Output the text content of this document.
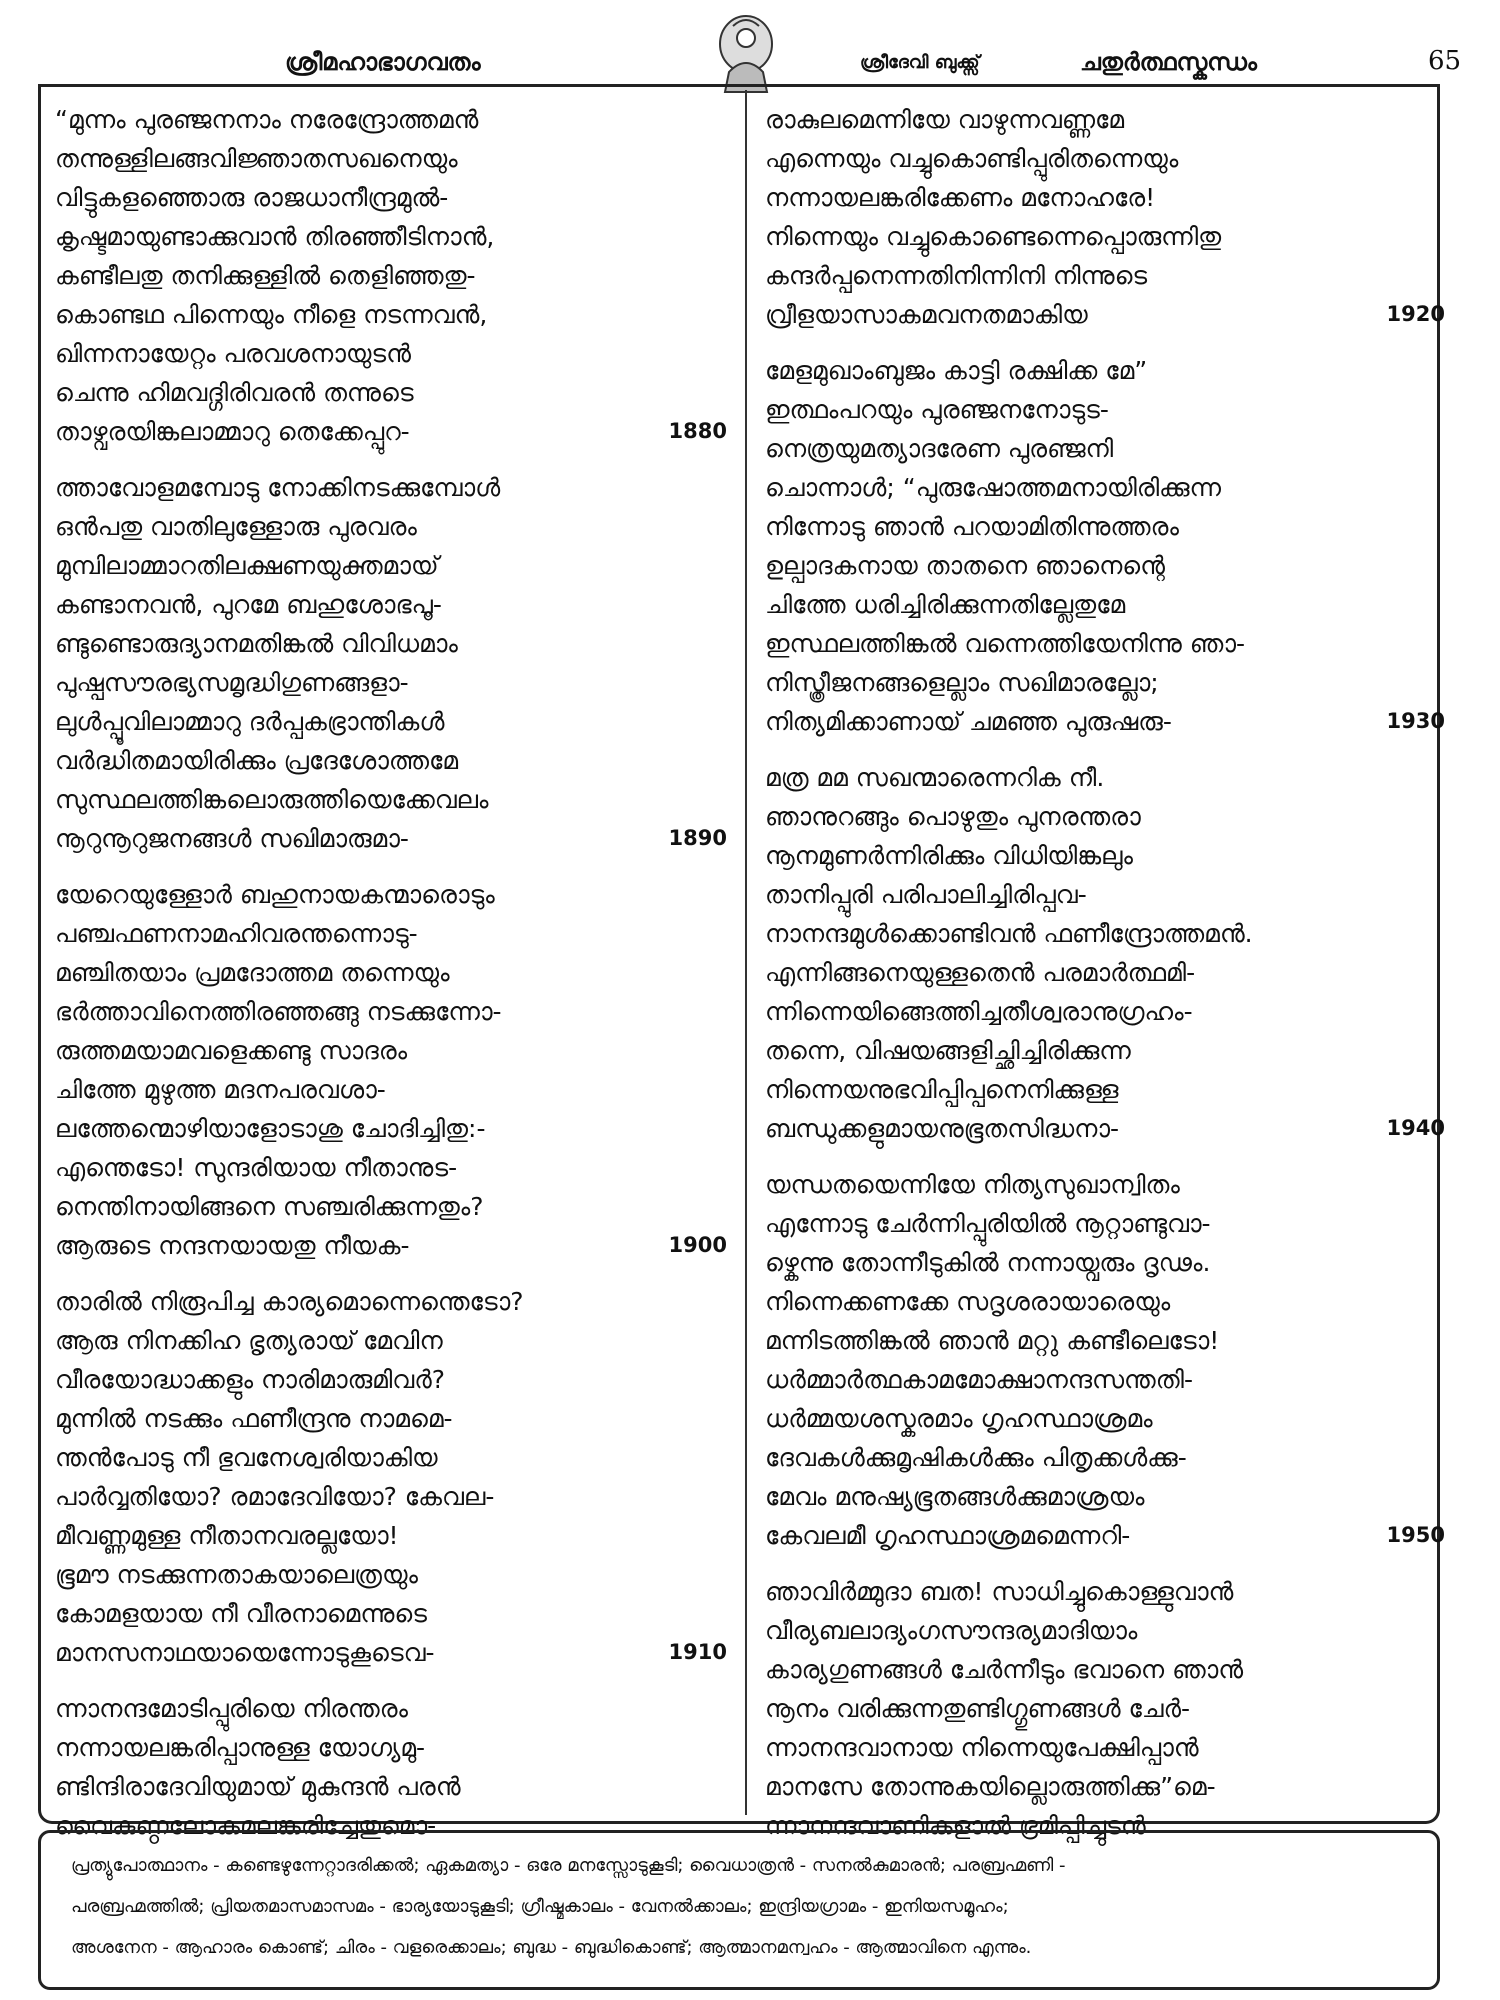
ശ്രീമഹാഭാഗവതം	ശ്രീദേവി ബുക്ക്സ്	ചതുർത്ഥസ്കന്ധം	65
“മുന്നം പുരഞ്ജനനാം നരേന്ദ്രോത്തമൻ
തന്നുള്ളിലങ്ങവിജ്ഞാതസഖനെയും
വിട്ടുകളഞ്ഞൊരു രാജധാനീന്ദ്രമുൽ-
കൃഷ്ടമായുണ്ടാക്കുവാൻ തിരഞ്ഞീടിനാൻ,
കണ്ടീലതു തനിക്കുള്ളിൽ തെളിഞ്ഞതു-
കൊണ്ടഥ പിന്നെയും നീളെ നടന്നവൻ,
ഖിന്നനായേറ്റം പരവശനായുടൻ
ചെന്നു ഹിമവദ്ഗിരിവരൻ തന്നുടെ
താഴ്വരയിങ്കലാമ്മാറു തെക്കേപ്പുറ-	1880
ത്താവോളമമ്പോടു നോക്കിനടക്കുമ്പോൾ
ഒൻപതു വാതിലുള്ളോരു പുരവരം
മുമ്പിലാമ്മാറതിലക്ഷണയുക്തമായ്
കണ്ടാനവൻ, പുറമേ ബഹുശോഭപൂ-
ണ്ടുണ്ടൊരുദ്യാനമതിങ്കൽ വിവിധമാം
പുഷ്പസൗരഭ്യസമൃദ്ധിഗുണങ്ങളാ-
ലുൾപ്പൂവിലാമ്മാറു ദർപ്പകഭ്രാന്തികൾ
വർദ്ധിതമായിരിക്കും പ്രദേശോത്തമേ
സുസ്ഥലത്തിങ്കലൊരുത്തിയെക്കേവലം
നൂറുനൂറുജനങ്ങൾ സഖിമാരുമാ-	1890
യേറെയുള്ളോർ ബഹുനായകന്മാരൊടും
പഞ്ചഫണനാമഹിവരന്തന്നൊടു-
മഞ്ചിതയാം പ്രമദോത്തമ തന്നെയും
ഭർത്താവിനെത്തിരഞ്ഞങ്ങു നടക്കുന്നോ-
രുത്തമയാമവളെക്കണ്ടു സാദരം
ചിത്തേ മുഴുത്ത മദനപരവശാ-
ലത്തേന്മൊഴിയാളോടാശു ചോദിച്ചിതു:-
എന്തെടോ! സുന്ദരിയായ നീതാനുട-
നെന്തിനായിങ്ങനെ സഞ്ചരിക്കുന്നതും?
ആരുടെ നന്ദനയായതു നീയക-	1900
താരിൽ നിരൂപിച്ച കാര്യമൊന്നെന്തെടോ?
ആരു നിനക്കിഹ ഭൃത്യരായ് മേവിന
വീരയോദ്ധാക്കളും നാരിമാരുമിവർ?
മുന്നിൽ നടക്കും ഫണീന്ദ്രനു നാമമെ-
ന്തൻപോടു നീ ഭുവനേശ്വരിയാകിയ
പാർവ്വതിയോ? രമാദേവിയോ? കേവല-
മീവണ്ണമുള്ള നീതാനവരല്ലയോ!
ഭൂമൗ നടക്കുന്നതാകയാലെത്രയും
കോമളയായ നീ വീരനാമെന്നുടെ
മാനസനാഥയായെന്നോടുകൂടെവ-	1910
ന്നാനന്ദമോടിപ്പുരിയെ നിരന്തരം
നന്നായലങ്കരിപ്പാനുള്ള യോഗ്യമു-
ണ്ടിന്ദിരാദേവിയുമായ് മുകുന്ദൻ പരൻ
വൈകുണ്ഠലോകമലങ്കരിച്ചേതുമൊ-
രാകുലമെന്നിയേ വാഴുന്നവണ്ണമേ
എന്നെയും വച്ചുകൊണ്ടിപ്പുരിതന്നെയും
നന്നായലങ്കരിക്കേണം മനോഹരേ!
നിന്നെയും വച്ചുകൊണ്ടെന്നെപ്പൊരുന്നിതു
കന്ദർപ്പനെന്നതിനിന്നിനി നിന്നുടെ
വ്രീളയാസാകമവനതമാകിയ	1920
മേളമുഖാംബുജം കാട്ടി രക്ഷിക്ക മേ”
ഇത്ഥംപറയും പുരഞ്ജനനോടുട-
നെത്രയുമത്യാദരേണ പുരഞ്ജനി
ചൊന്നാൾ; “പുരുഷോത്തമനായിരിക്കുന്ന
നിന്നോടു ഞാൻ പറയാമിതിന്നുത്തരം
ഉല്പാദകനായ താതനെ ഞാനെന്റെ
ചിത്തേ ധരിച്ചിരിക്കുന്നതില്ലേതുമേ
ഇസ്ഥലത്തിങ്കൽ വന്നെത്തിയേനിന്നു ഞാ-
നിസ്ത്രീജനങ്ങളെല്ലാം സഖിമാരല്ലോ;
നിത്യമിക്കാണായ് ചമഞ്ഞ പുരുഷരു-	1930
മത്ര മമ സഖന്മാരെന്നറിക നീ.
ഞാനുറങ്ങും പൊഴുതും പുനരന്തരാ
നൂനമുണർന്നിരിക്കും വിധിയിങ്കലും
താനിപ്പുരി പരിപാലിച്ചിരിപ്പവ-
നാനന്ദമുൾക്കൊണ്ടിവൻ ഫണീന്ദ്രോത്തമൻ.
എന്നിങ്ങനെയുള്ളതെൻ പരമാർത്ഥമി-
ന്നിന്നെയിങ്ങെത്തിച്ചതീശ്വരാനുഗ്രഹം-
തന്നെ, വിഷയങ്ങളിച്ഛിച്ചിരിക്കുന്ന
നിന്നെയനുഭവിപ്പിപ്പനെനിക്കുള്ള
ബന്ധുക്കളുമായനുഭൂതസിദ്ധനാ-	1940
യന്ധതയെന്നിയേ നിത്യസുഖാന്വിതം
എന്നോടു ചേർന്നിപ്പുരിയിൽ നൂറ്റാണ്ടുവാ-
ഴ്കെന്നു തോന്നീടുകിൽ നന്നായ്വരും ദൃഢം.
നിന്നെക്കണക്കേ സദൃശരായാരെയും
മന്നിടത്തിങ്കൽ ഞാൻ മറ്റു കണ്ടീലെടോ!
ധർമ്മാർത്ഥകാമമോക്ഷാനന്ദസന്തതി-
ധർമ്മയശസ്കരമാം ഗൃഹസ്ഥാശ്രമം
ദേവകൾക്കുമൃഷികൾക്കും പിതൃക്കൾക്കു-
മേവം മനുഷ്യഭൂതങ്ങൾക്കുമാശ്രയം
കേവലമീ ഗൃഹസ്ഥാശ്രമമെന്നറി-	1950
ഞാവിർമ്മുദാ ബത! സാധിച്ചുകൊള്ളുവാൻ
വീര്യബലാദ്യംഗസൗന്ദര്യമാദിയാം
കാര്യഗുണങ്ങൾ ചേർന്നീടും ഭവാനെ ഞാൻ
നൂനം വരിക്കുന്നതുണ്ടിഗ്ഗുണങ്ങൾ ചേർ-
ന്നാനന്ദവാനായ നിന്നെയുപേക്ഷിപ്പാൻ
മാനസേ തോന്നുകയില്ലൊരുത്തിക്കു”മെ-
ന്നാനന്ദവാണികളാൽ ഭ്രമിപ്പിച്ചുടൻ
പ്രത്യുപോത്ഥാനം - കണ്ടെഴുന്നേറ്റാദരിക്കൽ; ഏകമത്യാ - ഒരേ മനസ്സോടുകൂടി; വൈധാത്രൻ - സനൽകുമാരൻ; പരബ്രഹ്മണി -
പരബ്രഹ്മത്തിൽ; പ്രിയതമാസമാസമം - ഭാര്യയോടുകൂടി; ഗ്രീഷ്മകാലം - വേനൽക്കാലം; ഇന്ദ്രിയഗ്രാമം - ഇനിയസമൂഹം;
അശനേന - ആഹാരം കൊണ്ട്; ചിരം - വളരെക്കാലം; ബുദ്ധ - ബുദ്ധികൊണ്ട്; ആത്മാനമന്വഹം - ആത്മാവിനെ എന്നും.
